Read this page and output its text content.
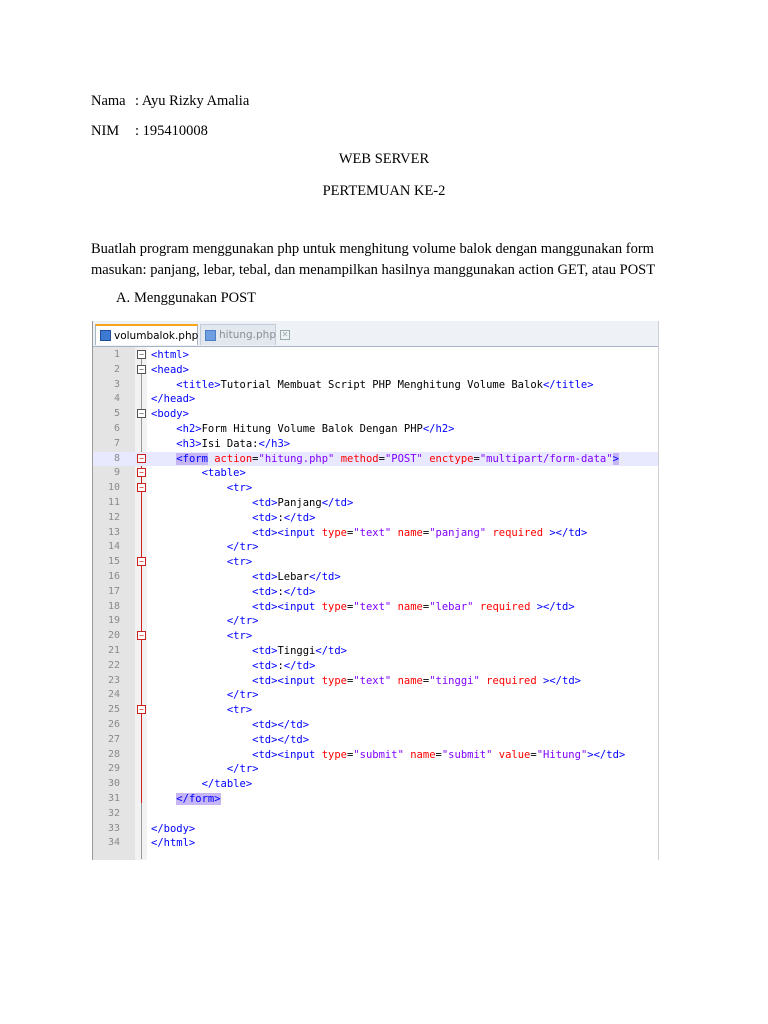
Nama : Ayu Rizky Amalia
NIM : 195410008
WEB SERVER
PERTEMUAN KE-2
Buatlah program menggunakan php untuk menghitung volume balok dengan manggunakan form
masukan: panjang, lebar, tebal, dan menampilkan hasilnya manggunakan action GET, atau POST
A. Menggunakan POST
volumbalok.php hitung.php ✕
1 − <html>
2 − <head>
3	<title>Tutorial Membuat Script PHP Menghitung Volume Balok</title>
4	</head>
5 − <body>
6	<h2>Form Hitung Volume Balok Dengan PHP</h2>
7	<h3>Isi Data:</h3>
8 −	<form action="hitung.php" method="POST" enctype="multipart/form-data">
9 −	<table>
10 −	<tr>
11	<td>Panjang</td>
12	<td>:</td>
13	<td><input type="text" name="panjang" required ></td>
14	</tr>
15 −	<tr>
16	<td>Lebar</td>
17	<td>:</td>
18	<td><input type="text" name="lebar" required ></td>
19	</tr>
20 −	<tr>
21	<td>Tinggi</td>
22	<td>:</td>
23	<td><input type="text" name="tinggi" required ></td>
24	</tr>
25 −	<tr>
26	<td></td>
27	<td></td>
28	<td><input type="submit" name="submit" value="Hitung"></td>
29	</tr>
30	</table>
31	</form>
32
33	</body>
34	</html>
